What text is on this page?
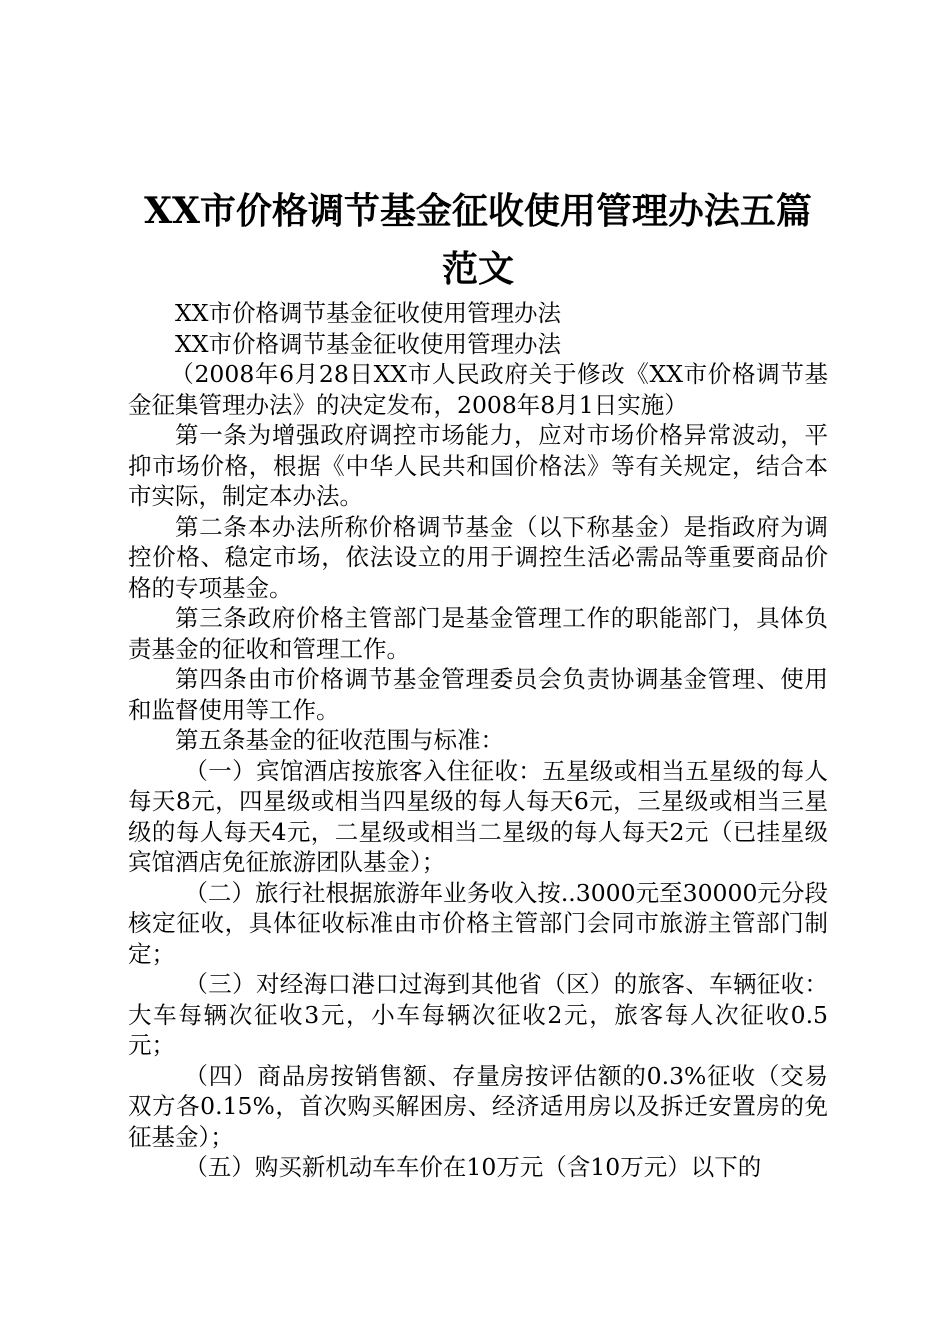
XX市价格调节基金征收使用管理办法五篇范文

XX市价格调节基金征收使用管理办法

XX市价格调节基金征收使用管理办法

（2008年6月28日XX市人民政府关于修改《XX市价格调节基金征集管理办法》的决定发布，2008年8月1日实施）

第一条为增强政府调控市场能力，应对市场价格异常波动，平抑市场价格，根据《中华人民共和国价格法》等有关规定，结合本市实际，制定本办法。

第二条本办法所称价格调节基金（以下称基金）是指政府为调控价格、稳定市场，依法设立的用于调控生活必需品等重要商品价格的专项基金。

第三条政府价格主管部门是基金管理工作的职能部门，具体负责基金的征收和管理工作。

第四条由市价格调节基金管理委员会负责协调基金管理、使用和监督使用等工作。

第五条基金的征收范围与标准：

（一）宾馆酒店按旅客入住征收：五星级或相当五星级的每人每天8元，四星级或相当四星级的每人每天6元，三星级或相当三星级的每人每天4元，二星级或相当二星级的每人每天2元（已挂星级宾馆酒店免征旅游团队基金）；

（二）旅行社根据旅游年业务收入按..3000元至30000元分段核定征收，具体征收标准由市价格主管部门会同市旅游主管部门制定；

（三）对经海口港口过海到其他省（区）的旅客、车辆征收：大车每辆次征收3元，小车每辆次征收2元，旅客每人次征收0.5元；

（四）商品房按销售额、存量房按评估额的0.3%征收（交易双方各0.15%，首次购买解困房、经济适用房以及拆迁安置房的免征基金）；

（五）购买新机动车车价在10万元（含10万元）以下的
